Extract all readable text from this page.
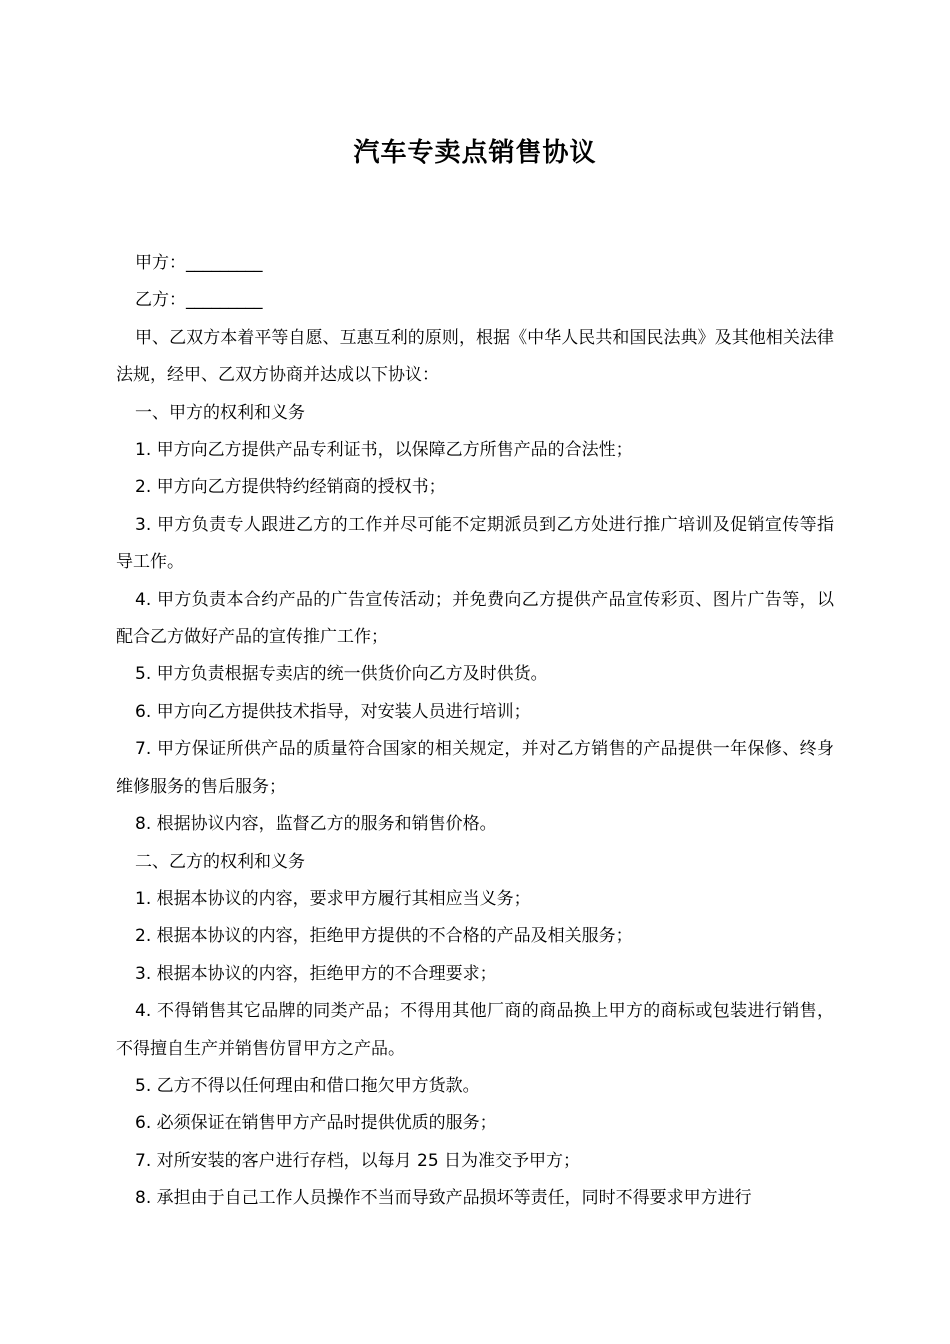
汽车专卖点销售协议

甲方：_________

乙方：_________

甲、乙双方本着平等自愿、互惠互利的原则，根据《中华人民共和国民法典》及其他相关法律法规，经甲、乙双方协商并达成以下协议：

一、甲方的权利和义务

1. 甲方向乙方提供产品专利证书，以保障乙方所售产品的合法性；

2. 甲方向乙方提供特约经销商的授权书；

3. 甲方负责专人跟进乙方的工作并尽可能不定期派员到乙方处进行推广培训及促销宣传等指导工作。

4. 甲方负责本合约产品的广告宣传活动；并免费向乙方提供产品宣传彩页、图片广告等，以配合乙方做好产品的宣传推广工作；

5. 甲方负责根据专卖店的统一供货价向乙方及时供货。

6. 甲方向乙方提供技术指导，对安装人员进行培训；

7. 甲方保证所供产品的质量符合国家的相关规定，并对乙方销售的产品提供一年保修、终身维修服务的售后服务；

8. 根据协议内容，监督乙方的服务和销售价格。

二、乙方的权利和义务

1. 根据本协议的内容，要求甲方履行其相应当义务；

2. 根据本协议的内容，拒绝甲方提供的不合格的产品及相关服务；

3. 根据本协议的内容，拒绝甲方的不合理要求；

4. 不得销售其它品牌的同类产品；不得用其他厂商的商品换上甲方的商标或包装进行销售，不得擅自生产并销售仿冒甲方之产品。

5. 乙方不得以任何理由和借口拖欠甲方货款。

6. 必须保证在销售甲方产品时提供优质的服务；

7. 对所安装的客户进行存档，以每月 25 日为准交予甲方；

8. 承担由于自己工作人员操作不当而导致产品损坏等责任，同时不得要求甲方进行
